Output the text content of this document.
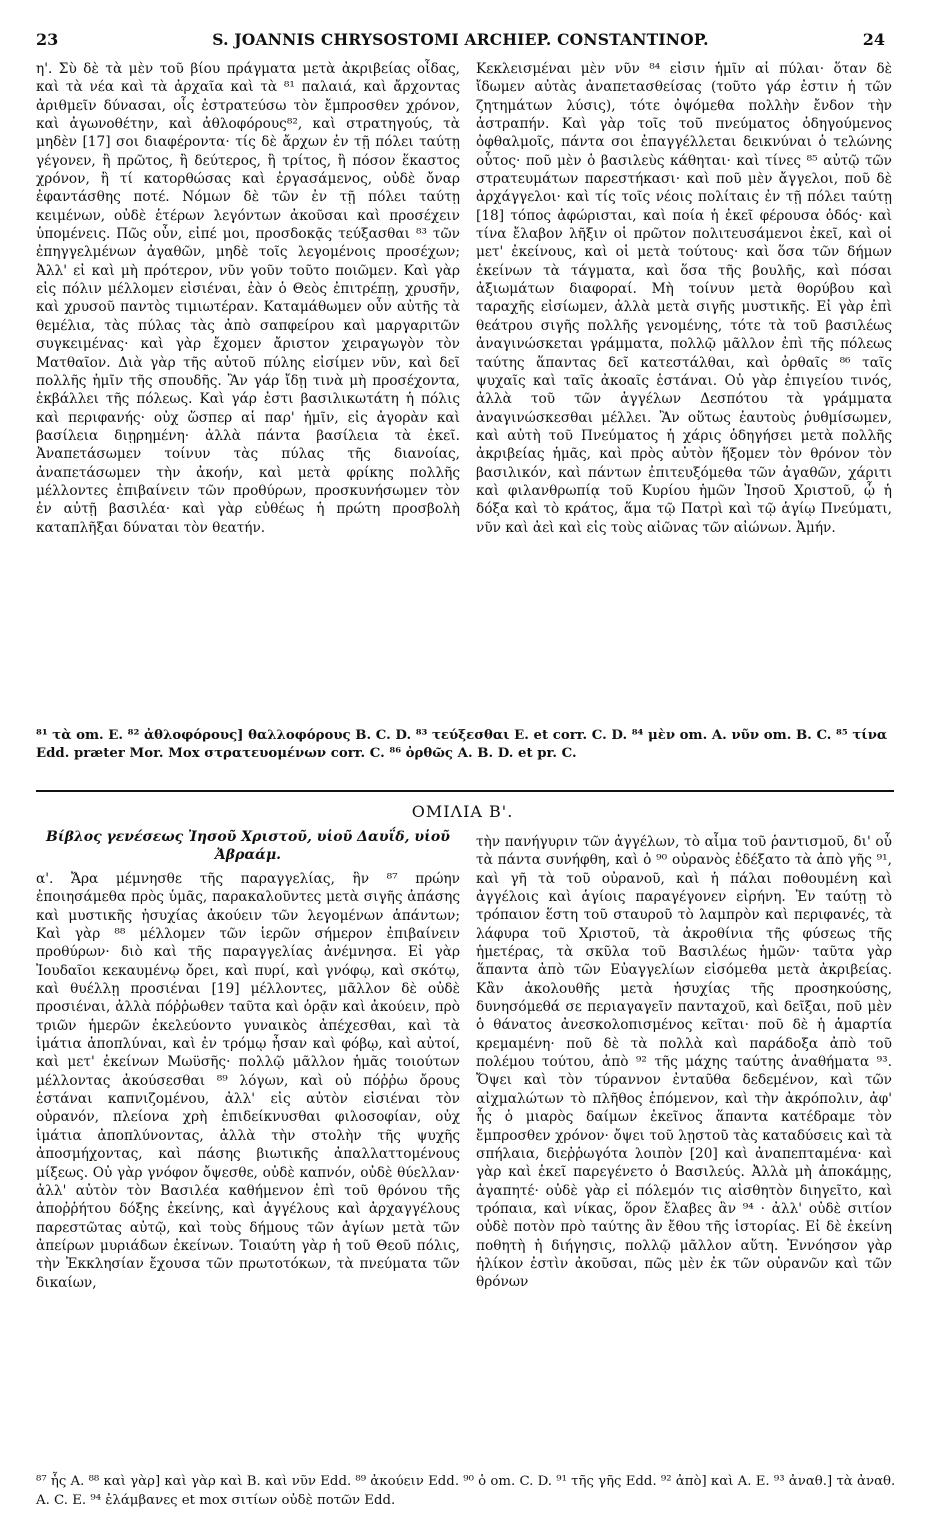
23	S. JOANNIS CHRYSOSTOMI ARCHIEP. CONSTANTINOP.	24

η'. Σὺ δὲ τὰ μὲν τοῦ βίου πράγματα μετὰ ἀκριβείας οἶδας, καὶ τὰ νέα καὶ τὰ ἀρχαῖα καὶ τὰ ⁸¹ παλαιά, καὶ ἄρχοντας ἀριθμεῖν δύνασαι, οἷς ἐστρατεύσω τὸν ἔμπροσθεν χρόνον, καὶ ἀγωνοθέτην, καὶ ἀθλοφόρους⁸², καὶ στρατηγούς, τὰ μηδὲν [17] σοι διαφέροντα· τίς δὲ ἄρχων ἐν τῇ πόλει ταύτῃ γέγονεν, ἢ πρῶτος, ἢ δεύτερος, ἢ τρίτος, ἢ πόσον ἕκαστος χρόνον, ἢ τί κατορθώσας καὶ ἐργασάμενος, οὐδὲ ὄναρ ἐφαντάσθης ποτέ. Νόμων δὲ τῶν ἐν τῇ πόλει ταύτῃ κειμένων, οὐδὲ ἑτέρων λεγόντων ἀκοῦσαι καὶ προσέχειν ὑπομένεις. Πῶς οὖν, εἰπέ μοι, προσδοκᾷς τεύξασθαι ⁸³ τῶν ἐπηγγελμένων ἀγαθῶν, μηδὲ τοῖς λεγομένοις προσέχων; Ἀλλ' εἰ καὶ μὴ πρότερον, νῦν γοῦν τοῦτο ποιῶμεν. Καὶ γὰρ εἰς πόλιν μέλλομεν εἰσιέναι, ἐὰν ὁ Θεὸς ἐπιτρέπῃ, χρυσῆν, καὶ χρυσοῦ παντὸς τιμιωτέραν. Καταμάθωμεν οὖν αὐτῆς τὰ θεμέλια, τὰς πύλας τὰς ἀπὸ σαπφείρου καὶ μαργαριτῶν συγκειμένας· καὶ γὰρ ἔχομεν ἄριστον χειραγωγὸν τὸν Ματθαῖον. Διὰ γὰρ τῆς αὐτοῦ πύλης εἰσίμεν νῦν, καὶ δεῖ πολλῆς ἡμῖν τῆς σπουδῆς. Ἂν γάρ ἴδῃ τινὰ μὴ προσέχοντα, ἐκβάλλει τῆς πόλεως. Καὶ γάρ ἐστι βασιλικωτάτη ἡ πόλις καὶ περιφανής· οὐχ ὥσπερ αἱ παρ' ἡμῖν, εἰς ἀγορὰν καὶ βασίλεια διῃρημένη· ἀλλὰ πάντα βασίλεια τὰ ἐκεῖ. Ἀναπετάσωμεν τοίνυν τὰς πύλας τῆς διανοίας, ἀναπετάσωμεν τὴν ἀκοήν, καὶ μετὰ φρίκης πολλῆς μέλλοντες ἐπιβαίνειν τῶν προθύρων, προσκυνήσωμεν τὸν ἐν αὐτῇ βασιλέα· καὶ γὰρ εὐθέως ἡ πρώτη προσβολὴ καταπλῆξαι δύναται τὸν θεατήν.

Κεκλεισμέναι μὲν νῦν ⁸⁴ εἰσιν ἡμῖν αἱ πύλαι· ὅταν δὲ ἴδωμεν αὐτὰς ἀναπετασθείσας (τοῦτο γάρ ἐστιν ἡ τῶν ζητημάτων λύσις), τότε ὀψόμεθα πολλὴν ἔνδον τὴν ἀστραπήν. Καὶ γὰρ τοῖς τοῦ πνεύματος ὀδηγούμενος ὀφθαλμοῖς, πάντα σοι ἐπαγγέλλεται δεικνύναι ὁ τελώνης οὗτος· ποῦ μὲν ὁ βασιλεὺς κάθηται· καὶ τίνες ⁸⁵ αὐτῷ τῶν στρατευμάτων παρεστήκασι· καὶ ποῦ μὲν ἄγγελοι, ποῦ δὲ ἀρχάγγελοι· καὶ τίς τοῖς νέοις πολίταις ἐν τῇ πόλει ταύτῃ [18] τόπος ἀφώρισται, καὶ ποία ἡ ἐκεῖ φέρουσα ὁδός· καὶ τίνα ἔλαβον λῆξιν οἱ πρῶτον πολιτευσάμενοι ἐκεῖ, καὶ οἱ μετ' ἐκείνους, καὶ οἱ μετὰ τούτους· καὶ ὅσα τῶν δήμων ἐκείνων τὰ τάγματα, καὶ ὅσα τῆς βουλῆς, καὶ πόσαι ἀξιωμάτων διαφοραί. Μὴ τοίνυν μετὰ θορύβου καὶ ταραχῆς εἰσίωμεν, ἀλλὰ μετὰ σιγῆς μυστικῆς. Εἰ γὰρ ἐπὶ θεάτρου σιγῆς πολλῆς γενομένης, τότε τὰ τοῦ βασιλέως ἀναγινώσκεται γράμματα, πολλῷ μᾶλλον ἐπὶ τῆς πόλεως ταύτης ἅπαντας δεῖ κατεστάλθαι, καὶ ὀρθαῖς ⁸⁶ ταῖς ψυχαῖς καὶ ταῖς ἀκοαῖς ἑστάναι. Οὐ γὰρ ἐπιγείου τινός, ἀλλὰ τοῦ τῶν ἀγγέλων Δεσπότου τὰ γράμματα ἀναγινώσκεσθαι μέλλει. Ἂν οὕτως ἑαυτοὺς ῥυθμίσωμεν, καὶ αὐτὴ τοῦ Πνεύματος ἡ χάρις ὁδηγήσει μετὰ πολλῆς ἀκριβείας ἡμᾶς, καὶ πρὸς αὐτὸν ἥξομεν τὸν θρόνον τὸν βασιλικόν, καὶ πάντων ἐπιτευξόμεθα τῶν ἀγαθῶν, χάριτι καὶ φιλανθρωπίᾳ τοῦ Κυρίου ἡμῶν Ἰησοῦ Χριστοῦ, ᾧ ἡ δόξα καὶ τὸ κράτος, ἅμα τῷ Πατρὶ καὶ τῷ ἁγίῳ Πνεύματι, νῦν καὶ ἀεὶ καὶ εἰς τοὺς αἰῶνας τῶν αἰώνων. Ἀμήν.

⁸¹ τὰ om. E. ⁸² ἀθλοφόρους] θαλλοφόρους B. C. D. ⁸³ τεύξεσθαι E. et corr. C. D. ⁸⁴ μὲν om. A. νῦν om. B. C. ⁸⁵ τίνα Edd. præter Mor. Mox στρατευομένων corr. C. ⁸⁶ ὀρθῶς A. B. D. et pr. C.
ΟΜΙΛΙΑ Β'.
Βίβλος γενέσεως Ἰησοῦ Χριστοῦ, υἱοῦ Δαυΐδ, υἱοῦ Ἀβραάμ.

α'. Ἄρα μέμνησθε τῆς παραγγελίας, ἣν ⁸⁷ πρώην ἐποιησάμεθα πρὸς ὑμᾶς, παρακαλοῦντες μετὰ σιγῆς ἁπάσης καὶ μυστικῆς ἡσυχίας ἀκούειν τῶν λεγομένων ἁπάντων; Καὶ γὰρ ⁸⁸ μέλλομεν τῶν ἱερῶν σήμερον ἐπιβαίνειν προθύρων· διὸ καὶ τῆς παραγγελίας ἀνέμνησα. Εἰ γὰρ Ἰουδαῖοι κεκαυμένῳ ὄρει, καὶ πυρί, καὶ γνόφῳ, καὶ σκότῳ, καὶ θυέλλῃ προσιέναι [19] μέλλοντες, μᾶλλον δὲ οὐδὲ προσιέναι, ἀλλὰ πόῤῥωθεν ταῦτα καὶ ὁρᾷν καὶ ἀκούειν, πρὸ τριῶν ἡμερῶν ἐκελεύοντο γυναικὸς ἀπέχεσθαι, καὶ τὰ ἱμάτια ἀποπλύναι, καὶ ἐν τρόμῳ ἦσαν καὶ φόβῳ, καὶ αὐτοί, καὶ μετ' ἐκείνων Μωϋσῆς· πολλῷ μᾶλλον ἡμᾶς τοιούτων μέλλοντας ἀκούσεσθαι ⁸⁹ λόγων, καὶ οὐ πόῤῥω ὄρους ἑστάναι καπνιζομένου, ἀλλ' εἰς αὐτὸν εἰσιέναι τὸν οὐρανόν, πλείονα χρὴ ἐπιδείκνυσθαι φιλοσοφίαν, οὐχ ἱμάτια ἀποπλύνοντας, ἀλλὰ τὴν στολὴν τῆς ψυχῆς ἀποσμήχοντας, καὶ πάσης βιωτικῆς ἀπαλλαττομένους μίξεως. Οὐ γὰρ γνόφον ὄψεσθε, οὐδὲ καπνόν, οὐδὲ θύελλαν· ἀλλ' αὐτὸν τὸν Βασιλέα καθήμενον ἐπὶ τοῦ θρόνου τῆς ἀποῤῥήτου δόξης ἐκείνης, καὶ ἀγγέλους καὶ ἀρχαγγέλους παρεστῶτας αὐτῷ, καὶ τοὺς δήμους τῶν ἁγίων μετὰ τῶν ἀπείρων μυριάδων ἐκείνων. Τοιαύτη γὰρ ἡ τοῦ Θεοῦ πόλις, τὴν Ἐκκλησίαν ἔχουσα τῶν πρωτοτόκων, τὰ πνεύματα τῶν δικαίων,

τὴν πανήγυριν τῶν ἀγγέλων, τὸ αἷμα τοῦ ῥαντισμοῦ, δι' οὗ τὰ πάντα συνήφθη, καὶ ὁ ⁹⁰ οὐρανὸς ἐδέξατο τὰ ἀπὸ γῆς ⁹¹, καὶ γῆ τὰ τοῦ οὐρανοῦ, καὶ ἡ πάλαι ποθουμένη καὶ ἀγγέλοις καὶ ἁγίοις παραγέγονεν εἰρήνη. Ἐν ταύτῃ τὸ τρόπαιον ἕστη τοῦ σταυροῦ τὸ λαμπρὸν καὶ περιφανές, τὰ λάφυρα τοῦ Χριστοῦ, τὰ ἀκροθίνια τῆς φύσεως τῆς ἡμετέρας, τὰ σκῦλα τοῦ Βασιλέως ἡμῶν· ταῦτα γὰρ ἅπαντα ἀπὸ τῶν Εὐαγγελίων εἰσόμεθα μετὰ ἀκριβείας. Κἂν ἀκολουθῆς μετὰ ἡσυχίας τῆς προσηκούσης, δυνησόμεθά σε περιαγαγεῖν πανταχοῦ, καὶ δεῖξαι, ποῦ μὲν ὁ θάνατος ἀνεσκολοπισμένος κεῖται· ποῦ δὲ ἡ ἁμαρτία κρεμαμένη· ποῦ δὲ τὰ πολλὰ καὶ παράδοξα ἀπὸ τοῦ πολέμου τούτου, ἀπὸ ⁹² τῆς μάχης ταύτης ἀναθήματα ⁹³. Ὄψει καὶ τὸν τύραννον ἐνταῦθα δεδεμένον, καὶ τῶν αἰχμαλώτων τὸ πλῆθος ἑπόμενον, καὶ τὴν ἀκρόπολιν, ἀφ' ἧς ὁ μιαρὸς δαίμων ἐκεῖνος ἅπαντα κατέδραμε τὸν ἔμπροσθεν χρόνον· ὄψει τοῦ λῃστοῦ τὰς καταδύσεις καὶ τὰ σπήλαια, διεῤῥωγότα λοιπὸν [20] καὶ ἀναπεπταμένα· καὶ γὰρ καὶ ἐκεῖ παρεγένετο ὁ Βασιλεύς. Ἀλλὰ μὴ ἀποκάμῃς, ἀγαπητέ· οὐδὲ γὰρ εἰ πόλεμόν τις αἰσθητὸν διηγεῖτο, καὶ τρόπαια, καὶ νίκας, ὅρον ἔλαβες ἂν ⁹⁴ · ἀλλ' οὐδὲ σιτίον οὐδὲ ποτὸν πρὸ ταύτης ἂν ἔθου τῆς ἱστορίας. Εἰ δὲ ἐκείνη ποθητὴ ἡ διήγησις, πολλῷ μᾶλλον αὕτη. Ἐννόησον γὰρ ἡλίκον ἐστὶν ἀκοῦσαι, πῶς μὲν ἐκ τῶν οὐρανῶν καὶ τῶν θρόνων

⁸⁷ ἧς A. ⁸⁸ καὶ γὰρ] καὶ γὰρ καὶ B. καὶ νῦν Edd. ⁸⁹ ἀκούειν Edd. ⁹⁰ ὁ om. C. D. ⁹¹ τῆς γῆς Edd. ⁹² ἀπὸ] καὶ A. E. ⁹³ ἀναθ.] τὰ ἀναθ. A. C. E. ⁹⁴ ἐλάμβανες et mox σιτίων οὐδὲ ποτῶν Edd.
